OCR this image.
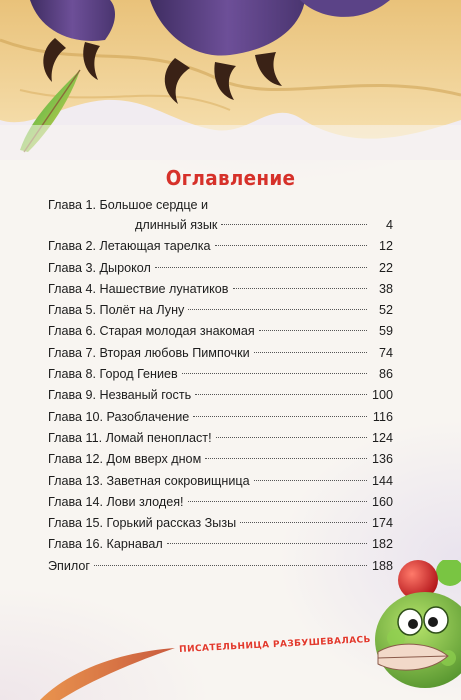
Оглавление
Глава 1. Большое сердце и
длинный язык	4
Глава 2. Летающая тарелка	12
Глава 3. Дырокол	22
Глава 4. Нашествие лунатиков	38
Глава 5. Полёт на Луну	52
Глава 6. Старая молодая знакомая	59
Глава 7. Вторая любовь Пимпочки	74
Глава 8. Город Гениев	86
Глава 9. Незваный гость	100
Глава 10. Разоблачение	116
Глава 11. Ломай пенопласт!	124
Глава 12. Дом вверх дном	136
Глава 13. Заветная сокровищница	144
Глава 14. Лови злодея!	160
Глава 15. Горький рассказ Зызы	174
Глава 16. Карнавал	182
Эпилог	188
ПИСАТЕЛЬНИЦА РАЗБУШЕВАЛАСЬ
